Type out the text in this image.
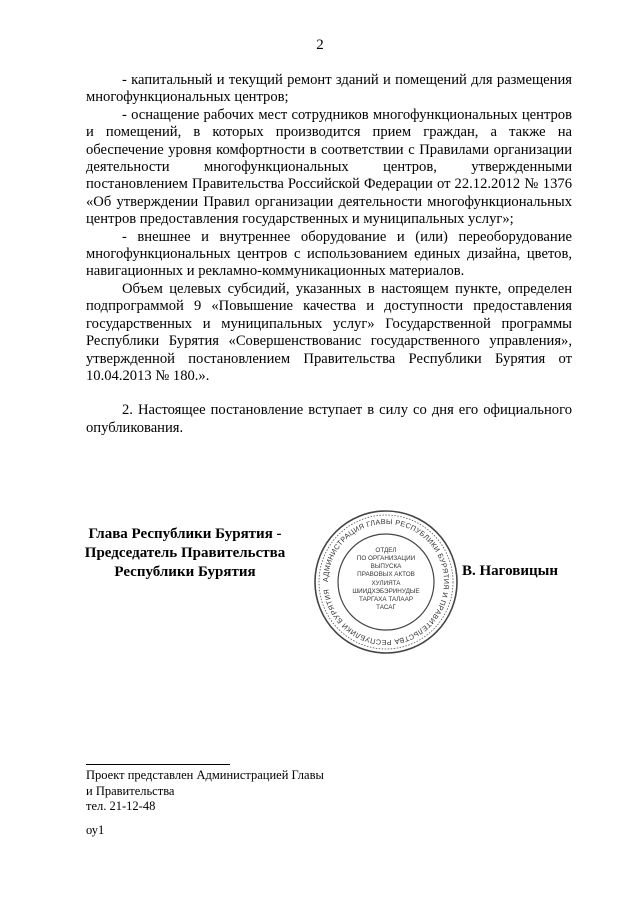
2

- капитальный и текущий ремонт зданий и помещений для размещения многофункциональных центров;

- оснащение рабочих мест сотрудников многофункциональных центров и помещений, в которых производится прием граждан, а также на обеспечение уровня комфортности в соответствии с Правилами организации деятельности многофункциональных центров, утвержденными постановлением Правительства Российской Федерации от 22.12.2012 № 1376 «Об утверждении Правил организации деятельности многофункциональных центров предоставления государственных и муниципальных услуг»;

- внешнее и внутреннее оборудование и (или) переоборудование многофункциональных центров с использованием единых дизайна, цветов, навигационных и рекламно-коммуникационных материалов.

Объем целевых субсидий, указанных в настоящем пункте, определен подпрограммой 9 «Повышение качества и доступности предоставления государственных и муниципальных услуг» Государственной программы Республики Бурятия «Совершенствованис государственного управления», утвержденной постановлением Правительства Республики Бурятия от 10.04.2013 № 180.».

2. Настоящее постановление вступает в силу со дня его официального опубликования.

Глава Республики Бурятия -
Председатель Правительства
Республики Бурятия	АДМИНИСТРАЦИЯ ГЛАВЫ РЕСПУБЛИКИ БУРЯТИЯ И ПРАВИТЕЛЬСТВА РЕСПУБЛИКИ БУРЯТИЯ
ОТДЕЛ
ПО ОРГАНИЗАЦИИ
ВЫПУСКА
ПРАВОВЫХ АКТОВ
ХУЛИЯТА
ШИИДХЭБЭРИНУДЫЕ
ТАРГАХА ТАЛААР
ТАСАГ
В. Наговицын
Проект представлен Администрацией Главы
и Правительства
тел. 21-12-48
оу1
